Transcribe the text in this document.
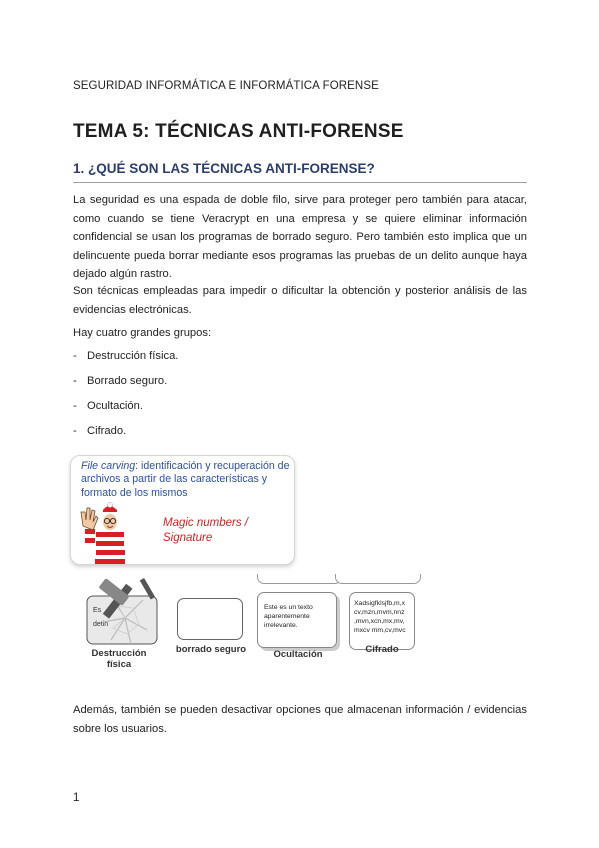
SEGURIDAD INFORMÁTICA E INFORMÁTICA FORENSE
TEMA 5: TÉCNICAS ANTI-FORENSE
1. ¿QUÉ SON LAS TÉCNICAS ANTI-FORENSE?

La seguridad es una espada de doble filo, sirve para proteger pero también para atacar, como cuando se tiene Veracrypt en una empresa y se quiere eliminar información confidencial se usan los programas de borrado seguro. Pero también esto implica que un delincuente pueda borrar mediante esos programas las pruebas de un delito aunque haya dejado algún rastro.

Son técnicas empleadas para impedir o dificultar la obtención y posterior análisis de las evidencias electrónicas.

Hay cuatro grandes grupos:

- Destrucción física.
- Borrado seguro.
- Ocultación.
- Cifrado.
File carving: identificación y recuperación de archivos a partir de las características y formato de los mismos
Magic numbers / Signature
Es
detin
Destrucción física
borrado seguro
Este es un texto aparentemente irrelevante.
Ocultación
Xadsigfklsjfb,m,x cv,mzn,mvm,nnz ,mvn,xcn,mx,mv, mxcv mm,cv,mvc
Cifrado

Además, también se pueden desactivar opciones que almacenan información / evidencias sobre los usuarios.

1
